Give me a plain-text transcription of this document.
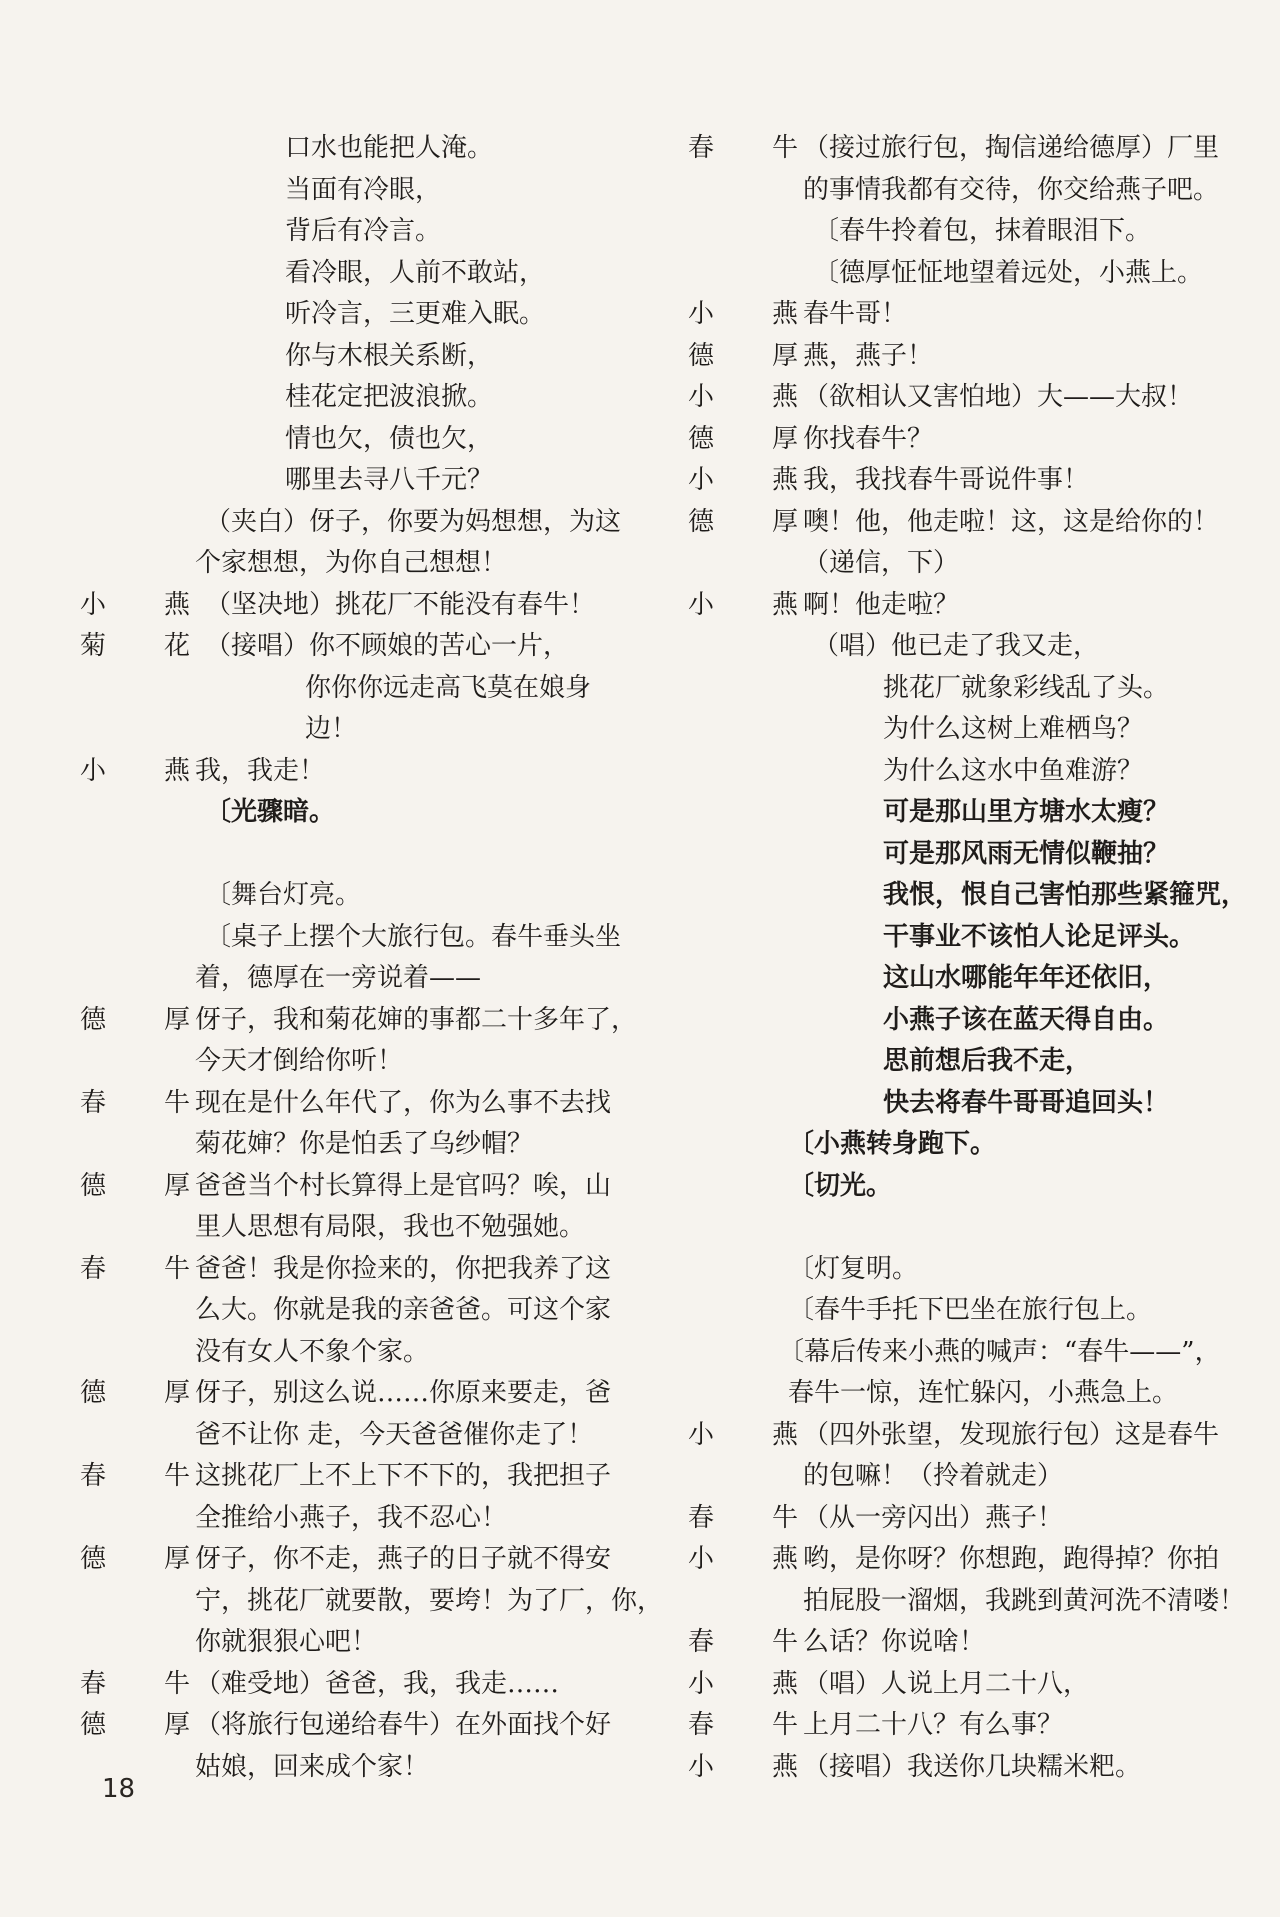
口水也能把人淹。
当面有冷眼，
背后有冷言。
看冷眼，人前不敢站，
听冷言，三更难入眠。
你与木根关系断，
桂花定把波浪掀。
情也欠，债也欠，
哪里去寻八千元？
（夹白）伢子，你要为妈想想，为这
个家想想，为你自己想想！
小 燕 （坚决地）挑花厂不能没有春牛！
菊 花 （接唱）你不顾娘的苦心一片，
你你你远走高飞莫在娘身
边！
小 燕 我，我走！
〔光骤暗。
〔舞台灯亮。
〔桌子上摆个大旅行包。春牛垂头坐
着，德厚在一旁说着——
德 厚 伢子，我和菊花婶的事都二十多年了，
今天才倒给你听！
春 牛 现在是什么年代了，你为么事不去找
菊花婶？你是怕丢了乌纱帽？
德 厚 爸爸当个村长算得上是官吗？唉，山
里人思想有局限，我也不勉强她。
春 牛 爸爸！我是你捡来的，你把我养了这
么大。你就是我的亲爸爸。可这个家
没有女人不象个家。
德 厚 伢子，别这么说……你原来要走，爸
爸不让你 走，今天爸爸催你走了！
春 牛 这挑花厂上不上下不下的，我把担子
全推给小燕子，我不忍心！
德 厚 伢子，你不走，燕子的日子就不得安
宁，挑花厂就要散，要垮！为了厂，你，
你就狠狠心吧！
春 牛 （难受地）爸爸，我，我走……
德 厚 （将旅行包递给春牛）在外面找个好
姑娘，回来成个家！
春 牛 （接过旅行包，掏信递给德厚）厂里
的事情我都有交待，你交给燕子吧。
〔春牛拎着包，抹着眼泪下。
〔德厚怔怔地望着远处，小燕上。
小 燕 春牛哥！
德 厚 燕，燕子！
小 燕 （欲相认又害怕地）大——大叔！
德 厚 你找春牛？
小 燕 我，我找春牛哥说件事！
德 厚 噢！他，他走啦！这，这是给你的！
（递信，下）
小 燕 啊！他走啦？
（唱）他已走了我又走，
挑花厂就象彩线乱了头。
为什么这树上难栖鸟？
为什么这水中鱼难游？
可是那山里方塘水太瘦？
可是那风雨无情似鞭抽？
我恨，恨自己害怕那些紧箍咒，
干事业不该怕人论足评头。
这山水哪能年年还依旧，
小燕子该在蓝天得自由。
思前想后我不走，
快去将春牛哥哥追回头！
〔小燕转身跑下。
〔切光。
〔灯复明。
〔春牛手托下巴坐在旅行包上。
〔幕后传来小燕的喊声：“春牛——”，
春牛一惊，连忙躲闪，小燕急上。
小 燕 （四外张望，发现旅行包）这是春牛
的包嘛！（拎着就走）
春 牛 （从一旁闪出）燕子！
小 燕 哟，是你呀？你想跑，跑得掉？你拍
拍屁股一溜烟，我跳到黄河洗不清喽！
春 牛 么话？你说啥！
小 燕 （唱）人说上月二十八，
春 牛 上月二十八？有么事？
小 燕 （接唱）我送你几块糯米粑。
18
